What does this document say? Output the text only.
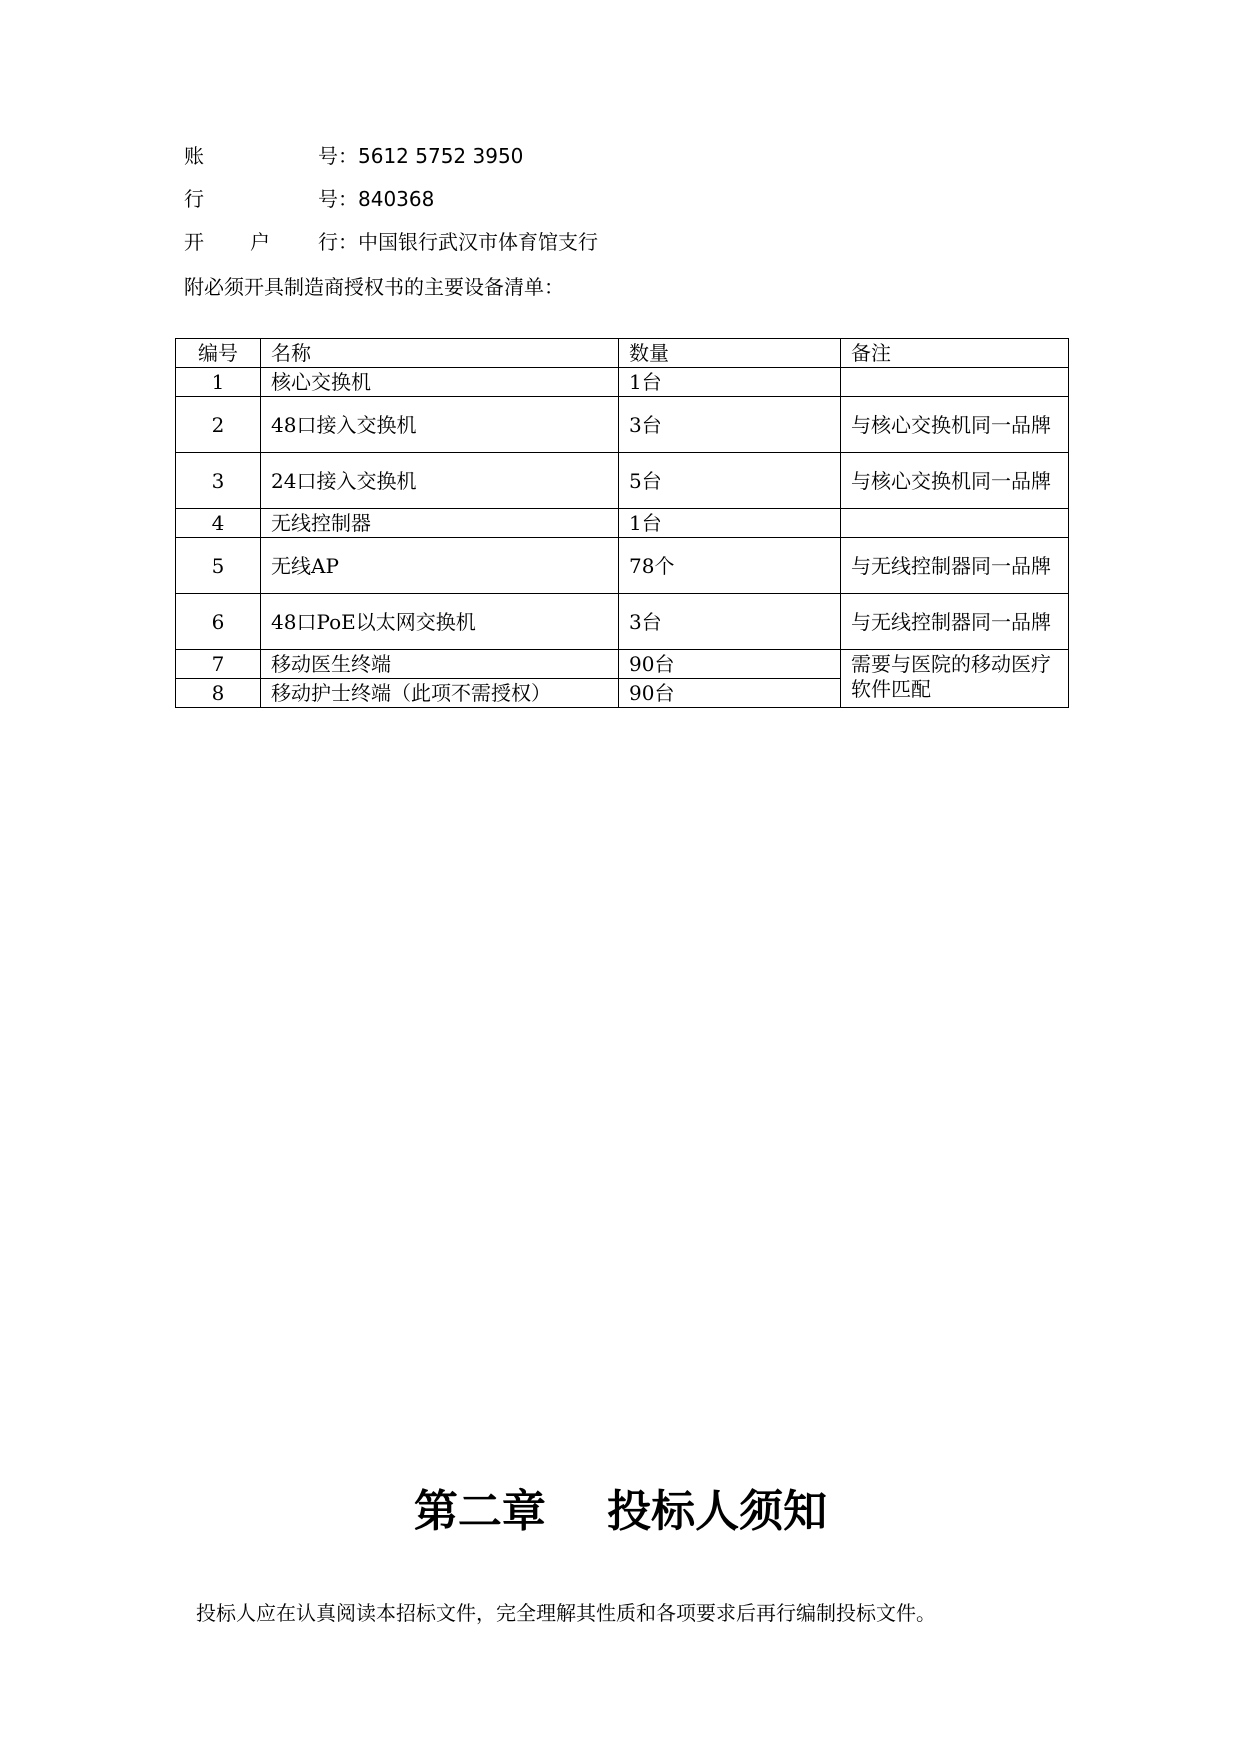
账	号：5612 5752 3950
行	号：840368
开 户 行：中国银行武汉市体育馆支行
附必须开具制造商授权书的主要设备清单：
编号	名称	数量	备注
1	核心交换机	1台	
2	48口接入交换机	3台	与核心交换机同一品牌
3	24口接入交换机	5台	与核心交换机同一品牌
4	无线控制器	1台	
5	无线AP	78个	与无线控制器同一品牌
6	48口PoE以太网交换机	3台	与无线控制器同一品牌
7	移动医生终端	90台	需要与医院的移动医疗软件匹配
8	移动护士终端（此项不需授权）	90台	
第二章    投标人须知
投标人应在认真阅读本招标文件，完全理解其性质和各项要求后再行编制投标文件。
